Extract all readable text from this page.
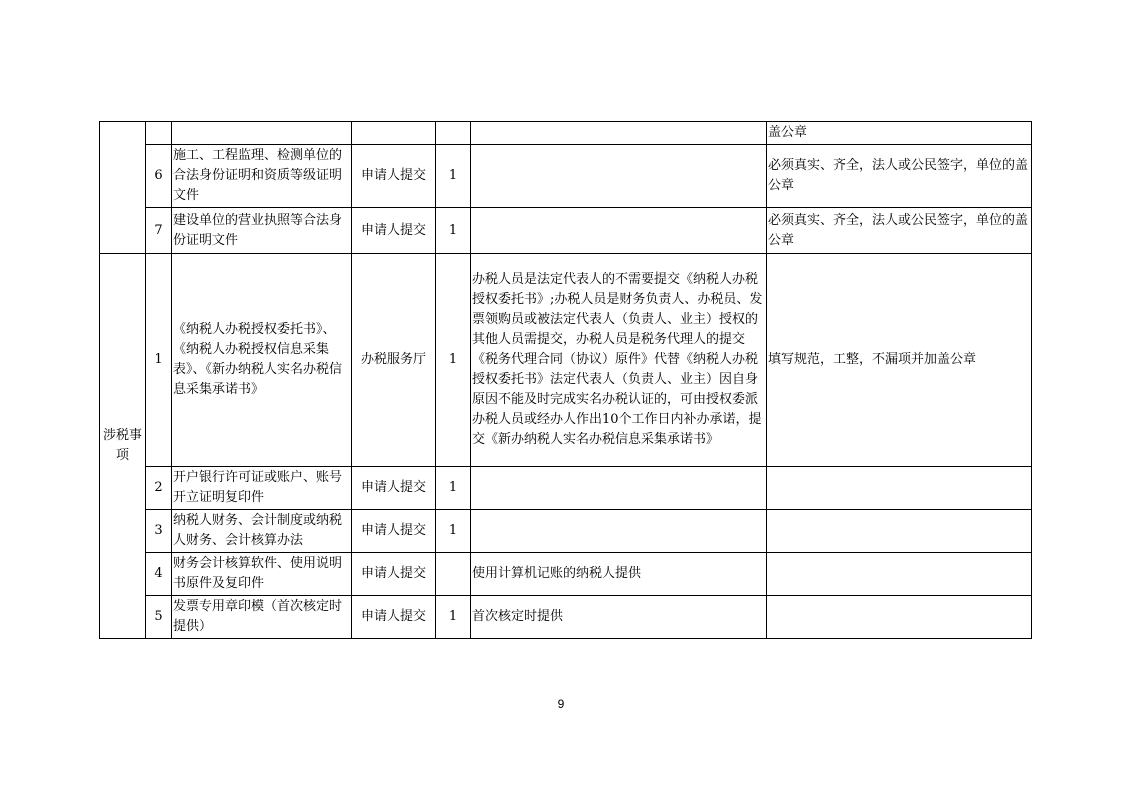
						盖公章
	6	施工、工程监理、检测单位的合法身份证明和资质等级证明文件	申请人提交	1		必须真实、齐全，法人或公民签字，单位的盖公章
	7	建设单位的营业执照等合法身份证明文件	申请人提交	1		必须真实、齐全，法人或公民签字，单位的盖公章
涉税事项	1	《纳税人办税授权委托书》、《纳税人办税授权信息采集表》、《新办纳税人实名办税信息采集承诺书》	办税服务厅	1	办税人员是法定代表人的不需要提交《纳税人办税授权委托书》;办税人员是财务负责人、办税员、发票领购员或被法定代表人（负责人、业主）授权的其他人员需提交，办税人员是税务代理人的提交《税务代理合同（协议）原件》代替《纳税人办税授权委托书》法定代表人（负责人、业主）因自身原因不能及时完成实名办税认证的，可由授权委派办税人员或经办人作出10个工作日内补办承诺，提交《新办纳税人实名办税信息采集承诺书》	填写规范，工整，不漏项并加盖公章
	2	开户银行许可证或账户、账号开立证明复印件	申请人提交	1		
	3	纳税人财务、会计制度或纳税人财务、会计核算办法	申请人提交	1		
	4	财务会计核算软件、使用说明书原件及复印件	申请人提交		使用计算机记账的纳税人提供	
	5	发票专用章印模（首次核定时提供）	申请人提交	1	首次核定时提供	
9
